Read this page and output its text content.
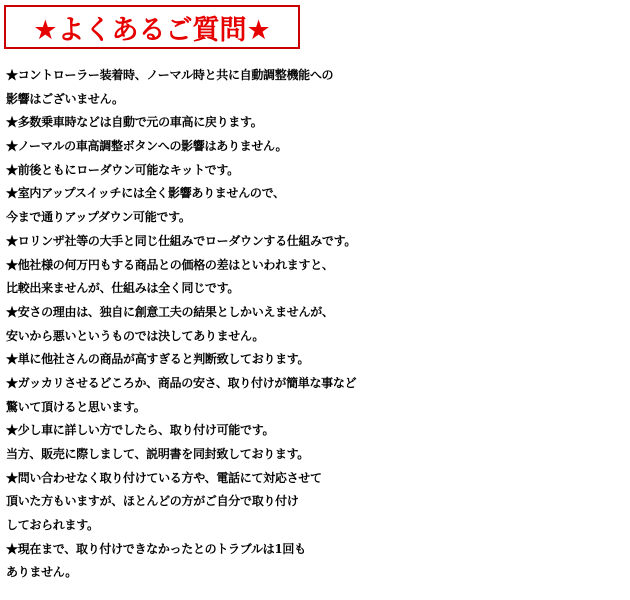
★よくあるご質問★
★コントローラー装着時、ノーマル時と共に自動調整機能への
影響はございません。
★多数乗車時などは自動で元の車高に戻ります。
★ノーマルの車高調整ボタンへの影響はありません。
★前後ともにローダウン可能なキットです。
★室内アップスイッチには全く影響ありませんので、
今まで通りアップダウン可能です。
★ロリンザ社等の大手と同じ仕組みでローダウンする仕組みです。
★他社様の何万円もする商品との価格の差はといわれますと、
比較出来ませんが、仕組みは全く同じです。
★安さの理由は、独自に創意工夫の結果としかいえませんが、
安いから悪いというものでは決してありません。
★単に他社さんの商品が高すぎると判断致しております。
★ガッカリさせるどころか、商品の安さ、取り付けが簡単な事など
驚いて頂けると思います。
★少し車に詳しい方でしたら、取り付け可能です。
当方、販売に際しまして、説明書を同封致しております。
★問い合わせなく取り付けている方や、電話にて対応させて
頂いた方もいますが、ほとんどの方がご自分で取り付け
しておられます。
★現在まで、取り付けできなかったとのトラブルは1回も
ありません。
